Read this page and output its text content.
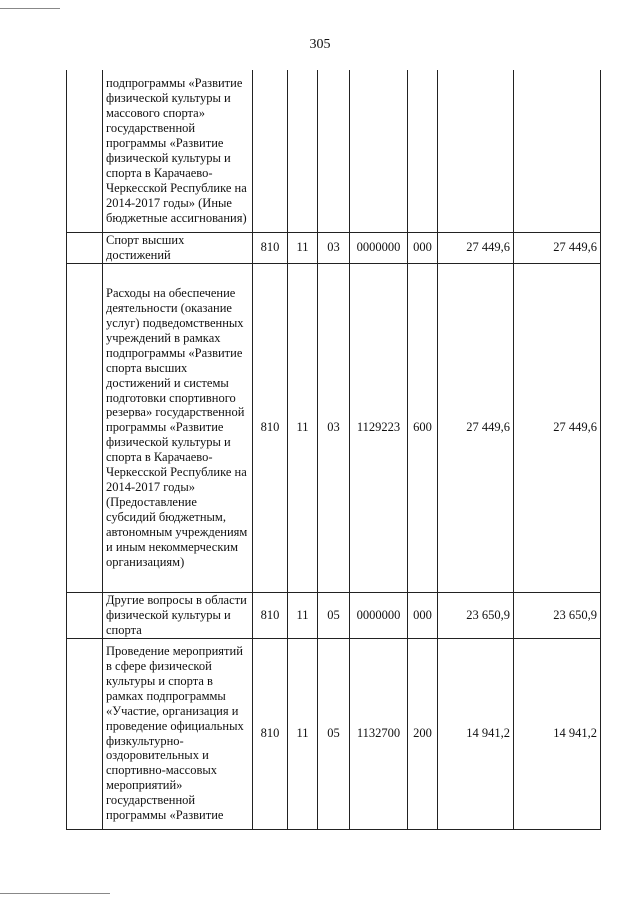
305
	подпрограммы «Развитие физической культуры и массового спорта» государственной программы «Развитие физической культуры и спорта в Карачаево-Черкесской Республике на 2014-2017 годы» (Иные бюджетные ассигнования)							
	Спорт высших достижений	810	11	03	0000000	000	27 449,6	27 449,6
	Расходы на обеспечение деятельности (оказание услуг) подведомственных учреждений в рамках подпрограммы «Развитие спорта высших достижений и системы подготовки спортивного резерва» государственной программы «Развитие физической культуры и спорта в Карачаево-Черкесской Республике на 2014-2017 годы» (Предоставление субсидий бюджетным, автономным учреждениям и иным некоммерческим организациям)	810	11	03	1129223	600	27 449,6	27 449,6
	Другие вопросы в области физической культуры и спорта	810	11	05	0000000	000	23 650,9	23 650,9
	Проведение мероприятий в сфере физической культуры и спорта в рамках подпрограммы «Участие, организация и проведение официальных физкультурно-оздоровительных и спортивно-массовых мероприятий» государственной программы «Развитие	810	11	05	1132700	200	14 941,2	14 941,2
